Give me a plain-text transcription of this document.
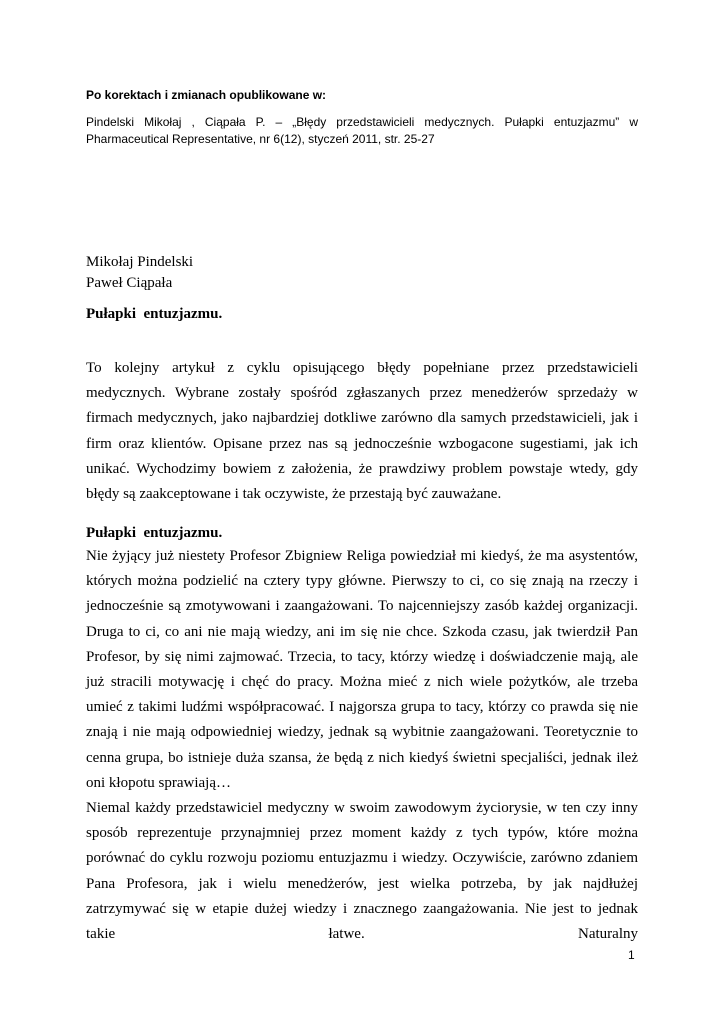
Po korektach i zmianach opublikowane w:
Pindelski Mikołaj , Ciąpała P. – „Błędy przedstawicieli medycznych. Pułapki entuzjazmu” w Pharmaceutical Representative, nr 6(12), styczeń 2011, str. 25-27
Mikołaj Pindelski
Paweł Ciąpała
Pułapki  entuzjazmu.
To kolejny artykuł z cyklu opisującego błędy popełniane przez przedstawicieli medycznych. Wybrane zostały spośród zgłaszanych przez menedżerów sprzedaży w firmach medycznych, jako najbardziej dotkliwe zarówno dla samych przedstawicieli, jak i firm oraz klientów. Opisane przez nas są jednocześnie wzbogacone sugestiami, jak ich unikać. Wychodzimy bowiem z założenia, że prawdziwy problem powstaje wtedy, gdy błędy są zaakceptowane i tak oczywiste, że przestają być zauważane.
Pułapki  entuzjazmu.

Nie żyjący już niestety Profesor Zbigniew Religa powiedział mi kiedyś, że ma asystentów, których można podzielić na cztery typy główne. Pierwszy to ci, co się znają na rzeczy i jednocześnie są zmotywowani i zaangażowani. To najcenniejszy zasób każdej organizacji. Druga to ci, co ani nie mają wiedzy, ani im się nie chce. Szkoda czasu, jak twierdził Pan Profesor, by się nimi zajmować. Trzecia, to tacy, którzy wiedzę i doświadczenie mają, ale już stracili motywację i chęć do pracy. Można mieć z nich wiele pożytków, ale trzeba umieć z takimi ludźmi współpracować. I najgorsza grupa to tacy, którzy co prawda się nie znają i nie mają odpowiedniej wiedzy, jednak są wybitnie zaangażowani. Teoretycznie to cenna grupa, bo istnieje duża szansa, że będą z nich kiedyś świetni specjaliści, jednak ileż oni kłopotu sprawiają…

Niemal każdy przedstawiciel medyczny w swoim zawodowym życiorysie, w ten czy inny sposób reprezentuje przynajmniej przez moment każdy z tych typów, które można porównać do cyklu rozwoju poziomu entuzjazmu i wiedzy. Oczywiście, zarówno zdaniem Pana Profesora, jak i wielu menedżerów, jest wielka potrzeba, by jak najdłużej zatrzymywać się w etapie dużej wiedzy i znacznego zaangażowania. Nie jest to jednak takie łatwe. Naturalny

1
